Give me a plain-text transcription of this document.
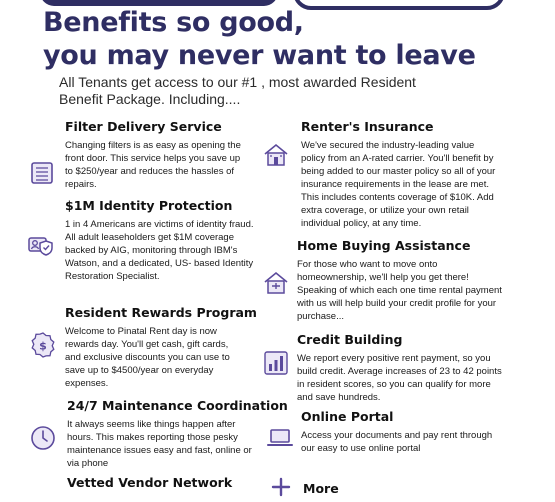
Benefits so good,
you may never want to leave

All Tenants get access to our #1 , most awarded Resident Benefit Package. Including....

Filter Delivery Service

Changing filters is as easy as opening the front door. This service helps you save up to $250/year and reduces the hassles of repairs.

$1M Identity Protection

1 in 4 Americans are victims of identity fraud. All adult leaseholders get $1M coverage backed by AIG, monitoring through IBM's Watson, and a dedicated, US- based Identity Restoration Specialist.

$
Resident Rewards Program

Welcome to Pinatal Rent day is now rewards day. You'll get cash, gift cards, and exclusive discounts you can use to save up to $4500/year on everyday expenses.

24/7 Maintenance Coordination

It always seems like things happen after hours. This makes reporting those pesky maintenance issues easy and fast, online or via phone

Vetted Vendor Network
Renter's Insurance

We've secured the industry-leading value policy from an A-rated carrier. You'll benefit by being added to our master policy so all of your insurance requirements in the lease are met. This includes contents coverage of $10K. Add extra coverage, or utilize your own retail individual policy, at any time.

Home Buying Assistance

For those who want to move onto homeownership, we'll help you get there! Speaking of which each one time rental payment with us will help build your credit profile for your purchase...

Credit Building

We report every positive rent payment, so you build credit. Average increases of 23 to 42 points in resident scores, so you can qualify for more and save hundreds.

Online Portal

Access your documents and pay rent through our easy to use online portal

More
